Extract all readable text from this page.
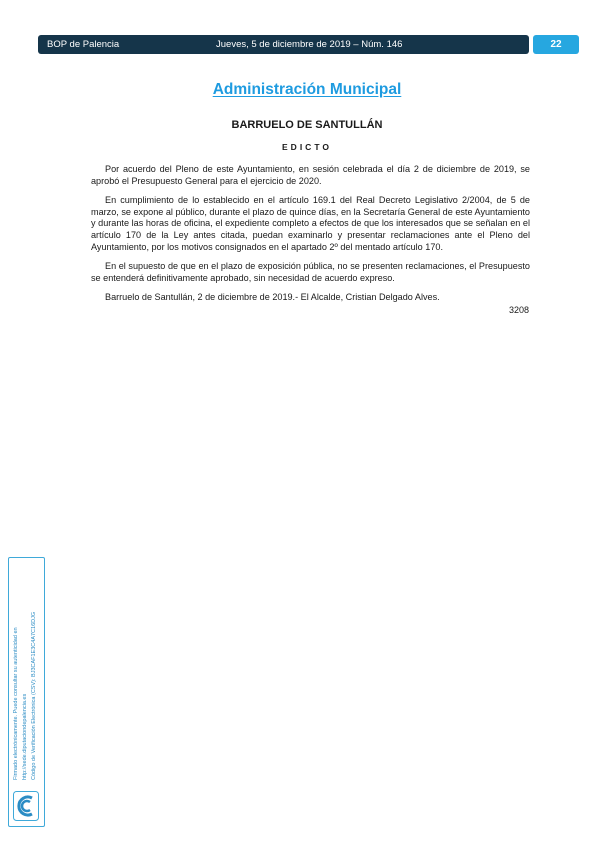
BOP de Palencia	Jueves, 5 de diciembre de 2019 – Núm. 146	22
Administración Municipal
BARRUELO DE SANTULLÁN
EDICTO

Por acuerdo del Pleno de este Ayuntamiento, en sesión celebrada el día 2 de diciembre de 2019, se aprobó el Presupuesto General para el ejercicio de 2020.

En cumplimiento de lo establecido en el artículo 169.1 del Real Decreto Legislativo 2/2004, de 5 de marzo, se expone al público, durante el plazo de quince días, en la Secretaría General de este Ayuntamiento y durante las horas de oficina, el expediente completo a efectos de que los interesados que se señalan en el artículo 170 de la Ley antes citada, puedan examinarlo y presentar reclamaciones ante el Pleno del Ayuntamiento, por los motivos consignados en el apartado 2º del mentado artículo 170.

En el supuesto de que en el plazo de exposición pública, no se presenten reclamaciones, el Presupuesto se entenderá definitivamente aprobado, sin necesidad de acuerdo expreso.

Barruelo de Santullán, 2 de diciembre de 2019.- El Alcalde, Cristian Delgado Alves.

3208
Firmado electrónicamente. Puede consultar su autenticidad en http://sede.diputaciondepalencia.es Código de Verificación Electrónica (CSV): BJ3CAF1E3C4A7C16DJG
